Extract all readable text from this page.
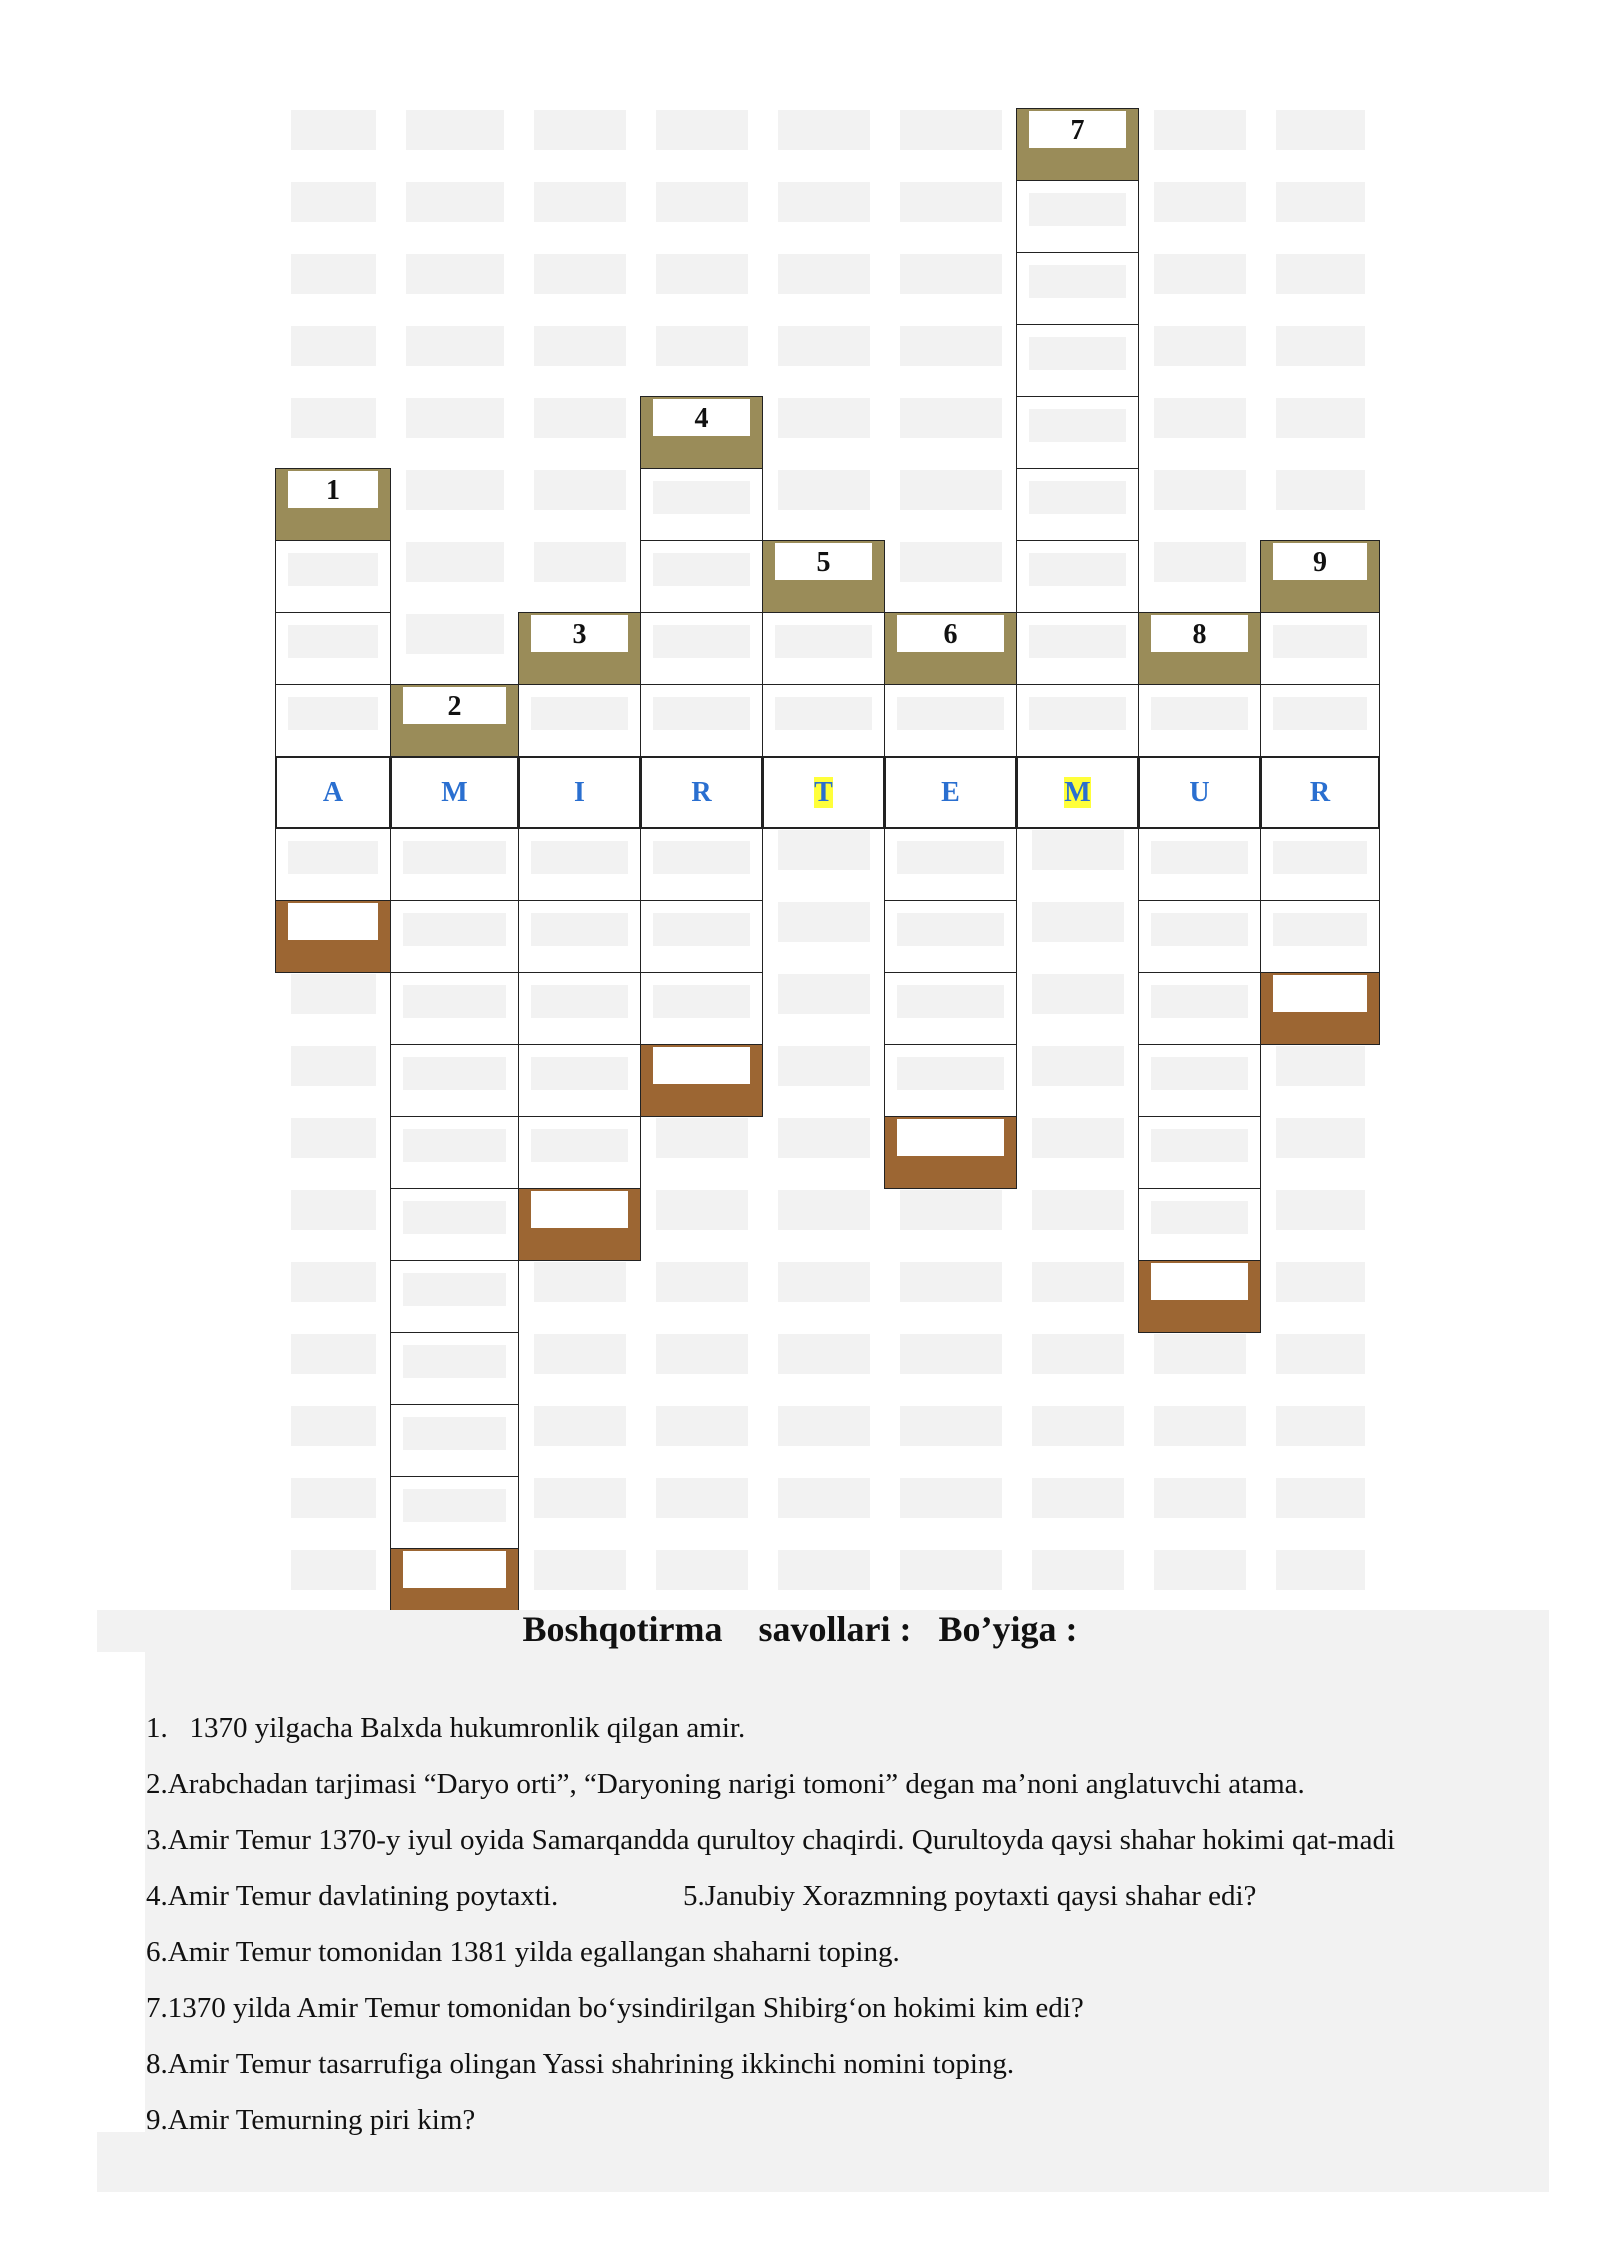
1
A
2
M
3
I
4
R
5
T
6
E
7
M
8
U
9
R
Boshqotirma    savollari :   Bo’yiga :
1.   1370 yilgacha Balxda hukumronlik qilgan amir.
2.Arabchadan tarjimasi “Daryo orti”, “Daryoning narigi tomoni” degan ma’noni anglatuvchi atama.
3.Amir Temur 1370-y iyul oyida Samarqandda qurultoy chaqirdi. Qurultoyda qaysi shahar hokimi qat-madi
4.Amir Temur davlatining poytaxti.	5.Janubiy Xorazmning poytaxti qaysi shahar edi?
6.Amir Temur tomonidan 1381 yilda egallangan shaharni toping.
7.1370 yilda Amir Temur tomonidan bo‘ysindirilgan Shibirg‘on hokimi kim edi?
8.Amir Temur tasarrufiga olingan Yassi shahrining ikkinchi nomini toping.
9.Amir Temurning piri kim?
